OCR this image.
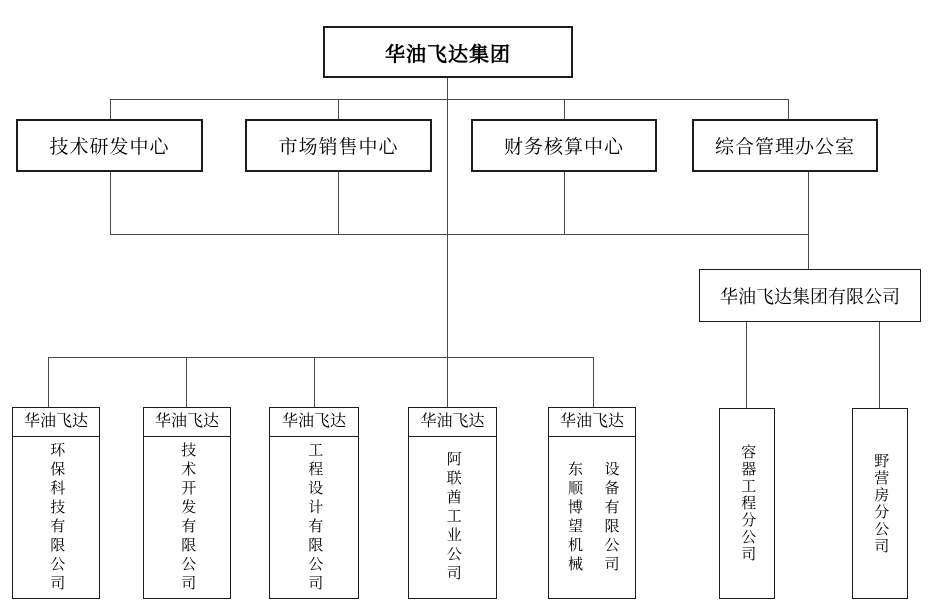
华油飞达集团
技术研发中心	市场销售中心	财务核算中心	综合管理办公室
华油飞达集团有限公司
华油飞达
环保科技有限公司
华油飞达
技术开发有限公司
华油飞达
工程设计有限公司
华油飞达
阿联酋工业公司
华油飞达
东顺博望机械 设备有限公司	容器工程分公司	野营房分公司
